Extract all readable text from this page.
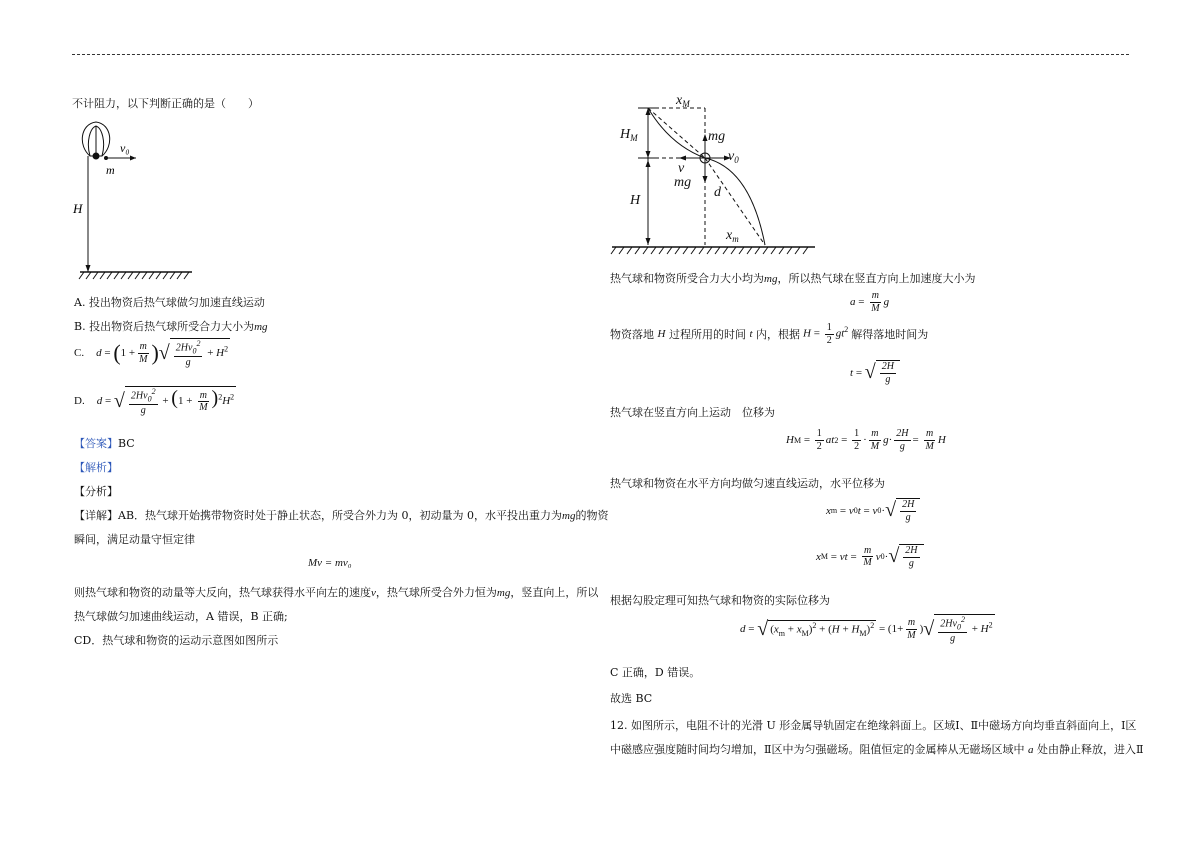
不计阻力，以下判断正确的是（　　）
v₀
m
H
A. 投出物资后热气球做匀加速直线运动
B. 投出物资后热气球所受合力大小为mg
C. d = ( $1 + \frac{m}{M}$ ) √ $\frac{2Hv_0^2}{g} + H^2$
D. d = √ $\frac{2Hv_0^2}{g} + (1 + \frac{m}{M} )^2H^2$
【答案】BC
【解析】
【分析】
【详解】AB．热气球开始携带物资时处于静止状态，所受合外力为 0，初动量为 0，水平投出重力为mg的物资
瞬间，满足动量守恒定律
Mv = mv₀
则热气球和物资的动量等大反向，热气球获得水平向左的速度v，热气球所受合外力恒为mg，竖直向上，所以
热气球做匀加速曲线运动，A 错误，B 正确;
CD．热气球和物资的运动示意图如图所示
$x_M$
$H_M$	mg
$v_0$
v
mg
d
H
$x_m$
热气球和物资所受合力大小均为mg，所以热气球在竖直方向上加速度大小为
$a = \frac{m}{M}$ g
物资落地
H
过程所用的时间
t
内，根据 $H = \frac{1}{2} gt^2$ 解得落地时间为
t = √ $\frac{2H}{g}$
热气球在竖直方向上运动　位移为
H $M = \frac{1}{2}$ at $2 = \frac{1}{2} \cdot \frac{m}{M}$ $g \cdot \frac{2H}{g} = \frac{m}{M}$ H
热气球和物资在水平方向均做匀速直线运动，水平位移为
x m = v 0 t = v 0 · √ $\frac{2H}{g}$
x M = vt = $\frac{m}{M}$ v 0 · √ $\frac{2H}{g}$
根据勾股定理可知热气球和物资的实际位移为
d = √ $(x_m + x_M)^2 + (H + H_M)^2 = (1+ \frac{m}{M}$ ) √ $\frac{2Hv_0^2}{g} + H^2$
C 正确，D 错误。
故选 BC
12. 如图所示，电阻不计的光滑 U 形金属导轨固定在绝缘斜面上。区域Ⅰ、Ⅱ中磁场方向均垂直斜面向上，Ⅰ区
中磁感应强度随时间均匀增加，Ⅱ区中为匀强磁场。阻值恒定的金属棒从无磁场区域中 a 处由静止释放，进入Ⅱ
